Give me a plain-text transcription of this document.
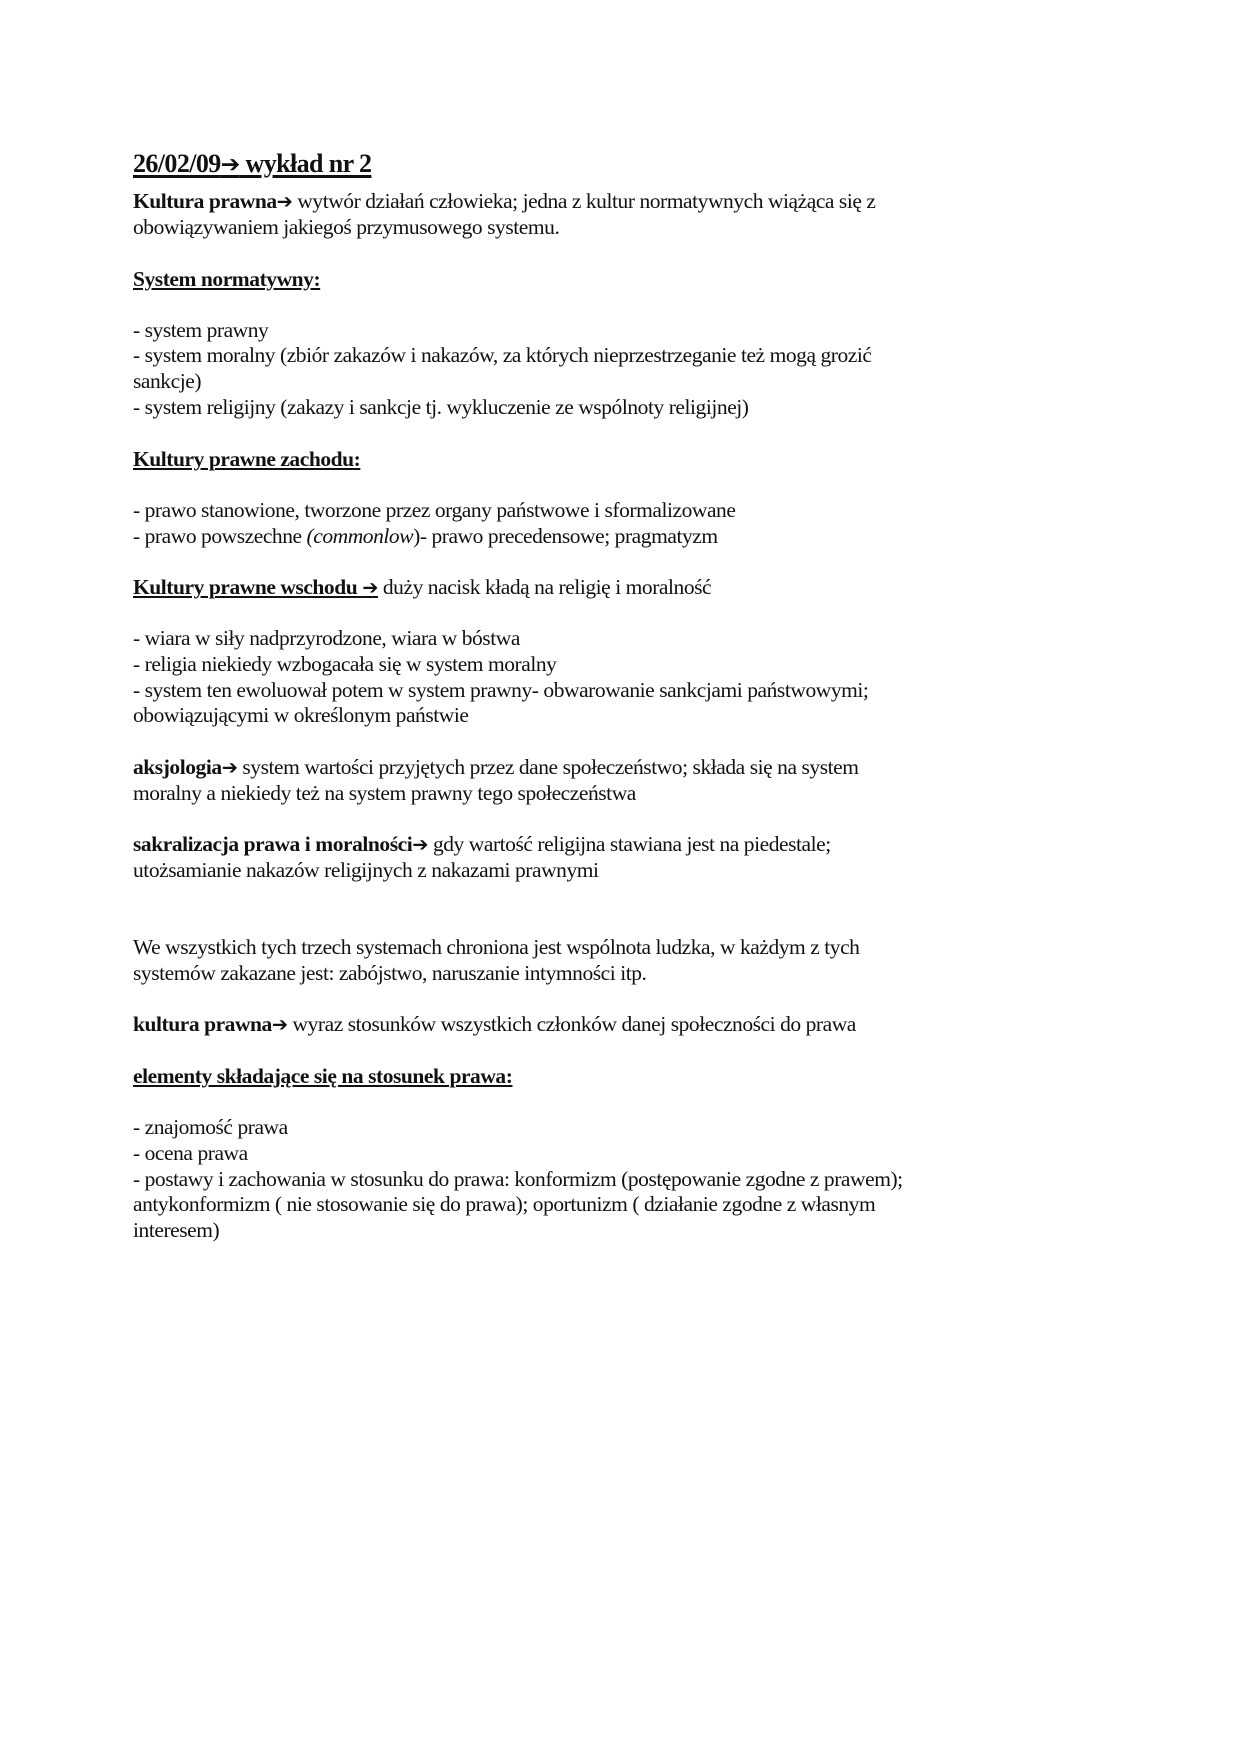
26/02/09➔ wykład nr 2
Kultura prawna➔ wytwór działań człowieka; jedna z kultur normatywnych wiążąca się z
obowiązywaniem jakiegoś przymusowego systemu.
System normatywny:
- system prawny
- system moralny (zbiór zakazów i nakazów, za których nieprzestrzeganie też mogą grozić
sankcje)
- system religijny (zakazy i sankcje tj. wykluczenie ze wspólnoty religijnej)
Kultury prawne zachodu:
- prawo stanowione, tworzone przez organy państwowe i sformalizowane
- prawo powszechne (commonlow)- prawo precedensowe; pragmatyzm
Kultury prawne wschodu ➔ duży nacisk kładą na religię i moralność
- wiara w siły nadprzyrodzone, wiara w bóstwa
- religia niekiedy wzbogacała się w system moralny
- system ten ewoluował potem w system prawny- obwarowanie sankcjami państwowymi;
obowiązującymi w określonym państwie
aksjologia➔ system wartości przyjętych przez dane społeczeństwo; składa się na system
moralny a niekiedy też na system prawny tego społeczeństwa
sakralizacja prawa i moralności➔ gdy wartość religijna stawiana jest na piedestale;
utożsamianie nakazów religijnych z nakazami prawnymi
We wszystkich tych trzech systemach chroniona jest wspólnota ludzka, w każdym z tych
systemów zakazane jest: zabójstwo, naruszanie intymności itp.
kultura prawna➔ wyraz stosunków wszystkich członków danej społeczności do prawa
elementy składające się na stosunek prawa:
- znajomość prawa
- ocena prawa
- postawy i zachowania w stosunku do prawa: konformizm (postępowanie zgodne z prawem);
antykonformizm ( nie stosowanie się do prawa); oportunizm ( działanie zgodne z własnym
interesem)
